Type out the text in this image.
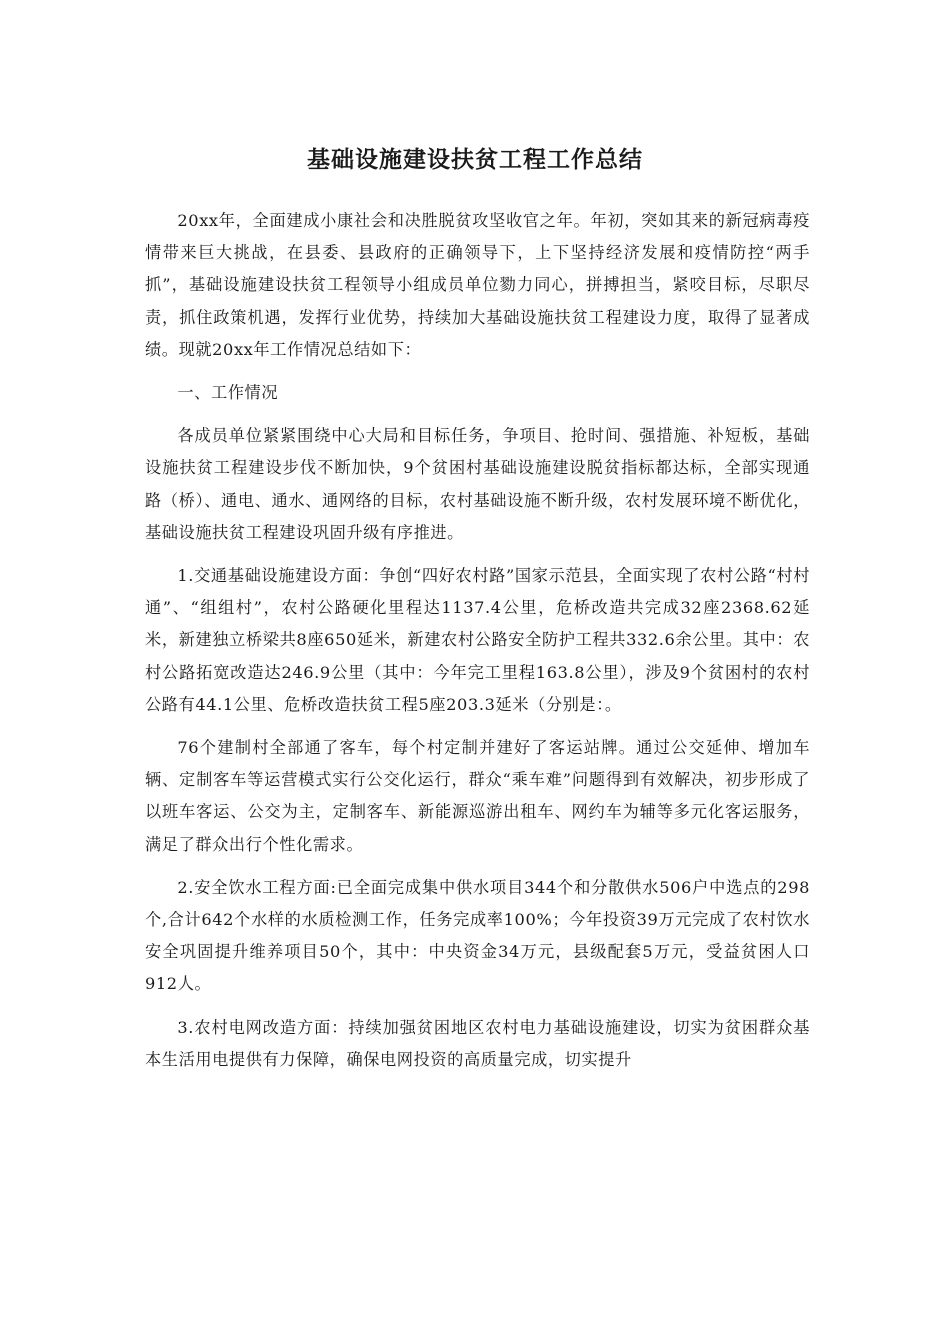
基础设施建设扶贫工程工作总结

20xx年，全面建成小康社会和决胜脱贫攻坚收官之年。年初，突如其来的新冠病毒疫情带来巨大挑战，在县委、县政府的正确领导下，上下坚持经济发展和疫情防控“两手抓”，基础设施建设扶贫工程领导小组成员单位勠力同心，拼搏担当，紧咬目标，尽职尽责，抓住政策机遇，发挥行业优势，持续加大基础设施扶贫工程建设力度，取得了显著成绩。现就20xx年工作情况总结如下：

一、工作情况

各成员单位紧紧围绕中心大局和目标任务，争项目、抢时间、强措施、补短板，基础设施扶贫工程建设步伐不断加快，9个贫困村基础设施建设脱贫指标都达标，全部实现通路（桥）、通电、通水、通网络的目标，农村基础设施不断升级，农村发展环境不断优化，基础设施扶贫工程建设巩固升级有序推进。

1.交通基础设施建设方面：争创“四好农村路”国家示范县，全面实现了农村公路“村村通”、“组组村”，农村公路硬化里程达1137.4公里，危桥改造共完成32座2368.62延米，新建独立桥梁共8座650延米，新建农村公路安全防护工程共332.6余公里。其中：农村公路拓宽改造达246.9公里（其中：今年完工里程163.8公里），涉及9个贫困村的农村公路有44.1公里、危桥改造扶贫工程5座203.3延米（分别是：。

76个建制村全部通了客车，每个村定制并建好了客运站牌。通过公交延伸、增加车辆、定制客车等运营模式实行公交化运行，群众“乘车难”问题得到有效解决，初步形成了以班车客运、公交为主，定制客车、新能源巡游出租车、网约车为辅等多元化客运服务，满足了群众出行个性化需求。

2.安全饮水工程方面:已全面完成集中供水项目344个和分散供水506户中选点的298个,合计642个水样的水质检测工作，任务完成率100%；今年投资39万元完成了农村饮水安全巩固提升维养项目50个，其中：中央资金34万元，县级配套5万元，受益贫困人口912人。

3.农村电网改造方面：持续加强贫困地区农村电力基础设施建设，切实为贫困群众基本生活用电提供有力保障，确保电网投资的高质量完成，切实提升
